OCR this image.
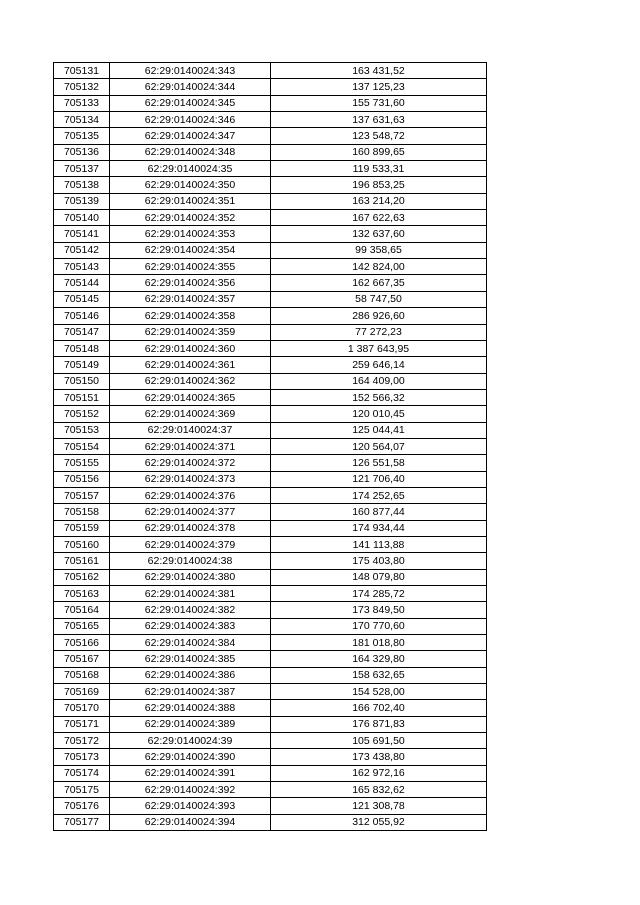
705131	62:29:0140024:343	163 431,52
705132	62:29:0140024:344	137 125,23
705133	62:29:0140024:345	155 731,60
705134	62:29:0140024:346	137 631,63
705135	62:29:0140024:347	123 548,72
705136	62:29:0140024:348	160 899,65
705137	62:29:0140024:35	119 533,31
705138	62:29:0140024:350	196 853,25
705139	62:29:0140024:351	163 214,20
705140	62:29:0140024:352	167 622,63
705141	62:29:0140024:353	132 637,60
705142	62:29:0140024:354	99 358,65
705143	62:29:0140024:355	142 824,00
705144	62:29:0140024:356	162 667,35
705145	62:29:0140024:357	58 747,50
705146	62:29:0140024:358	286 926,60
705147	62:29:0140024:359	77 272,23
705148	62:29:0140024:360	1 387 643,95
705149	62:29:0140024:361	259 646,14
705150	62:29:0140024:362	164 409,00
705151	62:29:0140024:365	152 566,32
705152	62:29:0140024:369	120 010,45
705153	62:29:0140024:37	125 044,41
705154	62:29:0140024:371	120 564,07
705155	62:29:0140024:372	126 551,58
705156	62:29:0140024:373	121 706,40
705157	62:29:0140024:376	174 252,65
705158	62:29:0140024:377	160 877,44
705159	62:29:0140024:378	174 934,44
705160	62:29:0140024:379	141 113,88
705161	62:29:0140024:38	175 403,80
705162	62:29:0140024:380	148 079,80
705163	62:29:0140024:381	174 285,72
705164	62:29:0140024:382	173 849,50
705165	62:29:0140024:383	170 770,60
705166	62:29:0140024:384	181 018,80
705167	62:29:0140024:385	164 329,80
705168	62:29:0140024:386	158 632,65
705169	62:29:0140024:387	154 528,00
705170	62:29:0140024:388	166 702,40
705171	62:29:0140024:389	176 871,83
705172	62:29:0140024:39	105 691,50
705173	62:29:0140024:390	173 438,80
705174	62:29:0140024:391	162 972,16
705175	62:29:0140024:392	165 832,62
705176	62:29:0140024:393	121 308,78
705177	62:29:0140024:394	312 055,92
